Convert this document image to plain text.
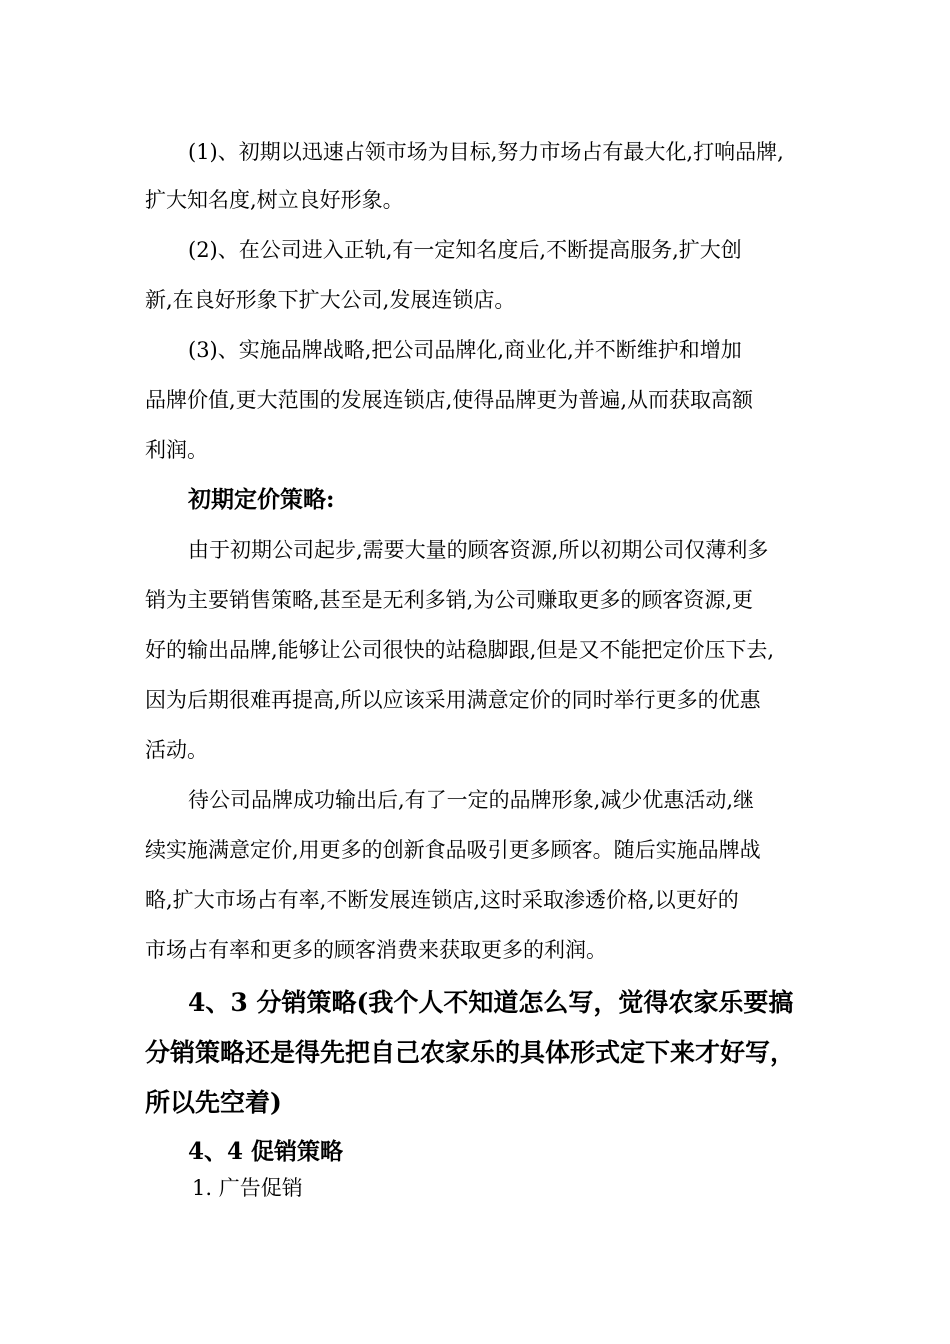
(1)、初期以迅速占领市场为目标,努力市场占有最大化,打响品牌,
扩大知名度,树立良好形象。
(2)、在公司进入正轨,有一定知名度后,不断提高服务,扩大创
新,在良好形象下扩大公司,发展连锁店。
(3)、实施品牌战略,把公司品牌化,商业化,并不断维护和增加
品牌价值,更大范围的发展连锁店,使得品牌更为普遍,从而获取高额
利润。
初期定价策略:
由于初期公司起步,需要大量的顾客资源,所以初期公司仅薄利多
销为主要销售策略,甚至是无利多销,为公司赚取更多的顾客资源,更
好的输出品牌,能够让公司很快的站稳脚跟,但是又不能把定价压下去,
因为后期很难再提高,所以应该采用满意定价的同时举行更多的优惠
活动。
待公司品牌成功输出后,有了一定的品牌形象,减少优惠活动,继
续实施满意定价,用更多的创新食品吸引更多顾客。随后实施品牌战
略,扩大市场占有率,不断发展连锁店,这时采取渗透价格,以更好的
市场占有率和更多的顾客消费来获取更多的利润。
4、3 分销策略(我个人不知道怎么写，觉得农家乐要搞
分销策略还是得先把自己农家乐的具体形式定下来才好写，
所以先空着)
4、4 促销策略
1. 广告促销
